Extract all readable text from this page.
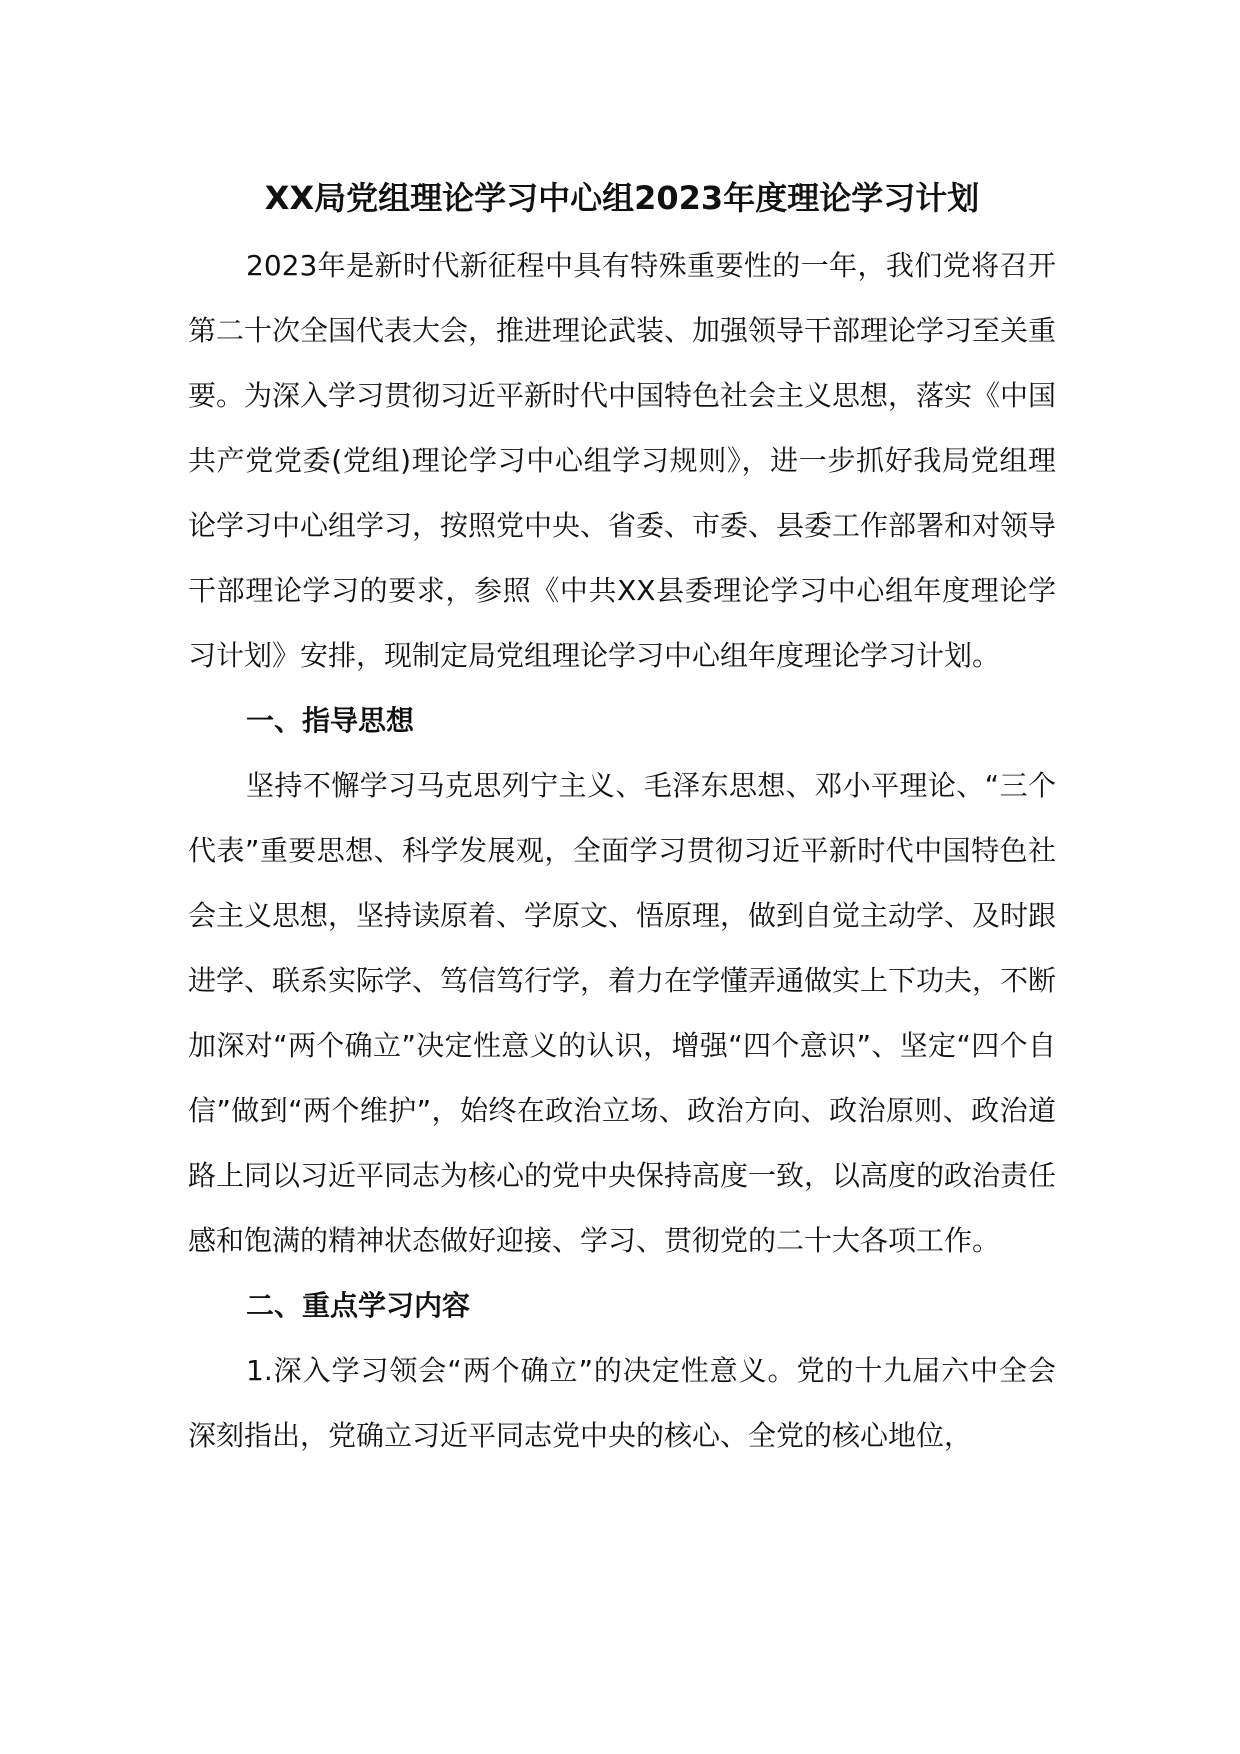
XX局党组理论学习中心组2023年度理论学习计划

2023年是新时代新征程中具有特殊重要性的一年，我们党将召开第二十次全国代表大会，推进理论武装、加强领导干部理论学习至关重要。为深入学习贯彻习近平新时代中国特色社会主义思想，落实《中国共产党党委(党组)理论学习中心组学习规则》，进一步抓好我局党组理论学习中心组学习，按照党中央、省委、市委、县委工作部署和对领导干部理论学习的要求，参照《中共XX县委理论学习中心组年度理论学习计划》安排，现制定局党组理论学习中心组年度理论学习计划。

一、指导思想

坚持不懈学习马克思列宁主义、毛泽东思想、邓小平理论、“三个代表”重要思想、科学发展观，全面学习贯彻习近平新时代中国特色社会主义思想，坚持读原着、学原文、悟原理，做到自觉主动学、及时跟进学、联系实际学、笃信笃行学，着力在学懂弄通做实上下功夫，不断加深对“两个确立”决定性意义的认识，增强“四个意识”、坚定“四个自信”做到“两个维护”，始终在政治立场、政治方向、政治原则、政治道路上同以习近平同志为核心的党中央保持高度一致，以高度的政治责任感和饱满的精神状态做好迎接、学习、贯彻党的二十大各项工作。

二、重点学习内容

1.深入学习领会“两个确立”的决定性意义。党的十九届六中全会深刻指出，党确立习近平同志党中央的核心、全党的核心地位，
